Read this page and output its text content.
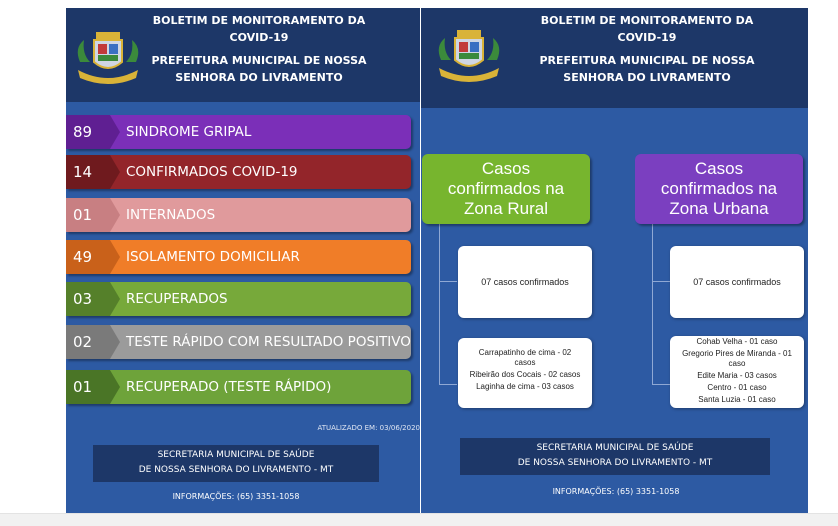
BOLETIM DE MONITORAMENTO DA
COVID-19
PREFEITURA MUNICIPAL DE NOSSA
SENHORA DO LIVRAMENTO
89	SINDROME GRIPAL
14	CONFIRMADOS COVID-19
01	INTERNADOS
49	ISOLAMENTO DOMICILIAR
03	RECUPERADOS
02	TESTE RÁPIDO COM RESULTADO POSITIVO
01	RECUPERADO (TESTE RÁPIDO)
ATUALIZADO EM: 03/06/2020
SECRETARIA MUNICIPAL DE SAÚDE
DE NOSSA SENHORA DO LIVRAMENTO - MT
INFORMAÇÕES: (65) 3351-1058
BOLETIM DE MONITORAMENTO DA
COVID-19
PREFEITURA MUNICIPAL DE NOSSA
SENHORA DO LIVRAMENTO
Casos
confirmados na
Zona Rural
Casos
confirmados na
Zona Urbana
07 casos confirmados	07 casos confirmados
Carrapatinho de cima - 02
casos
Ribeirão dos Cocais - 02 casos
Laginha de cima - 03 casos
Cohab Velha - 01 caso
Gregorio Pires de Miranda - 01
caso
Edite Maria - 03 casos
Centro - 01 caso
Santa Luzia - 01 caso
SECRETARIA MUNICIPAL DE SAÚDE
DE NOSSA SENHORA DO LIVRAMENTO - MT
INFORMAÇÕES: (65) 3351-1058
